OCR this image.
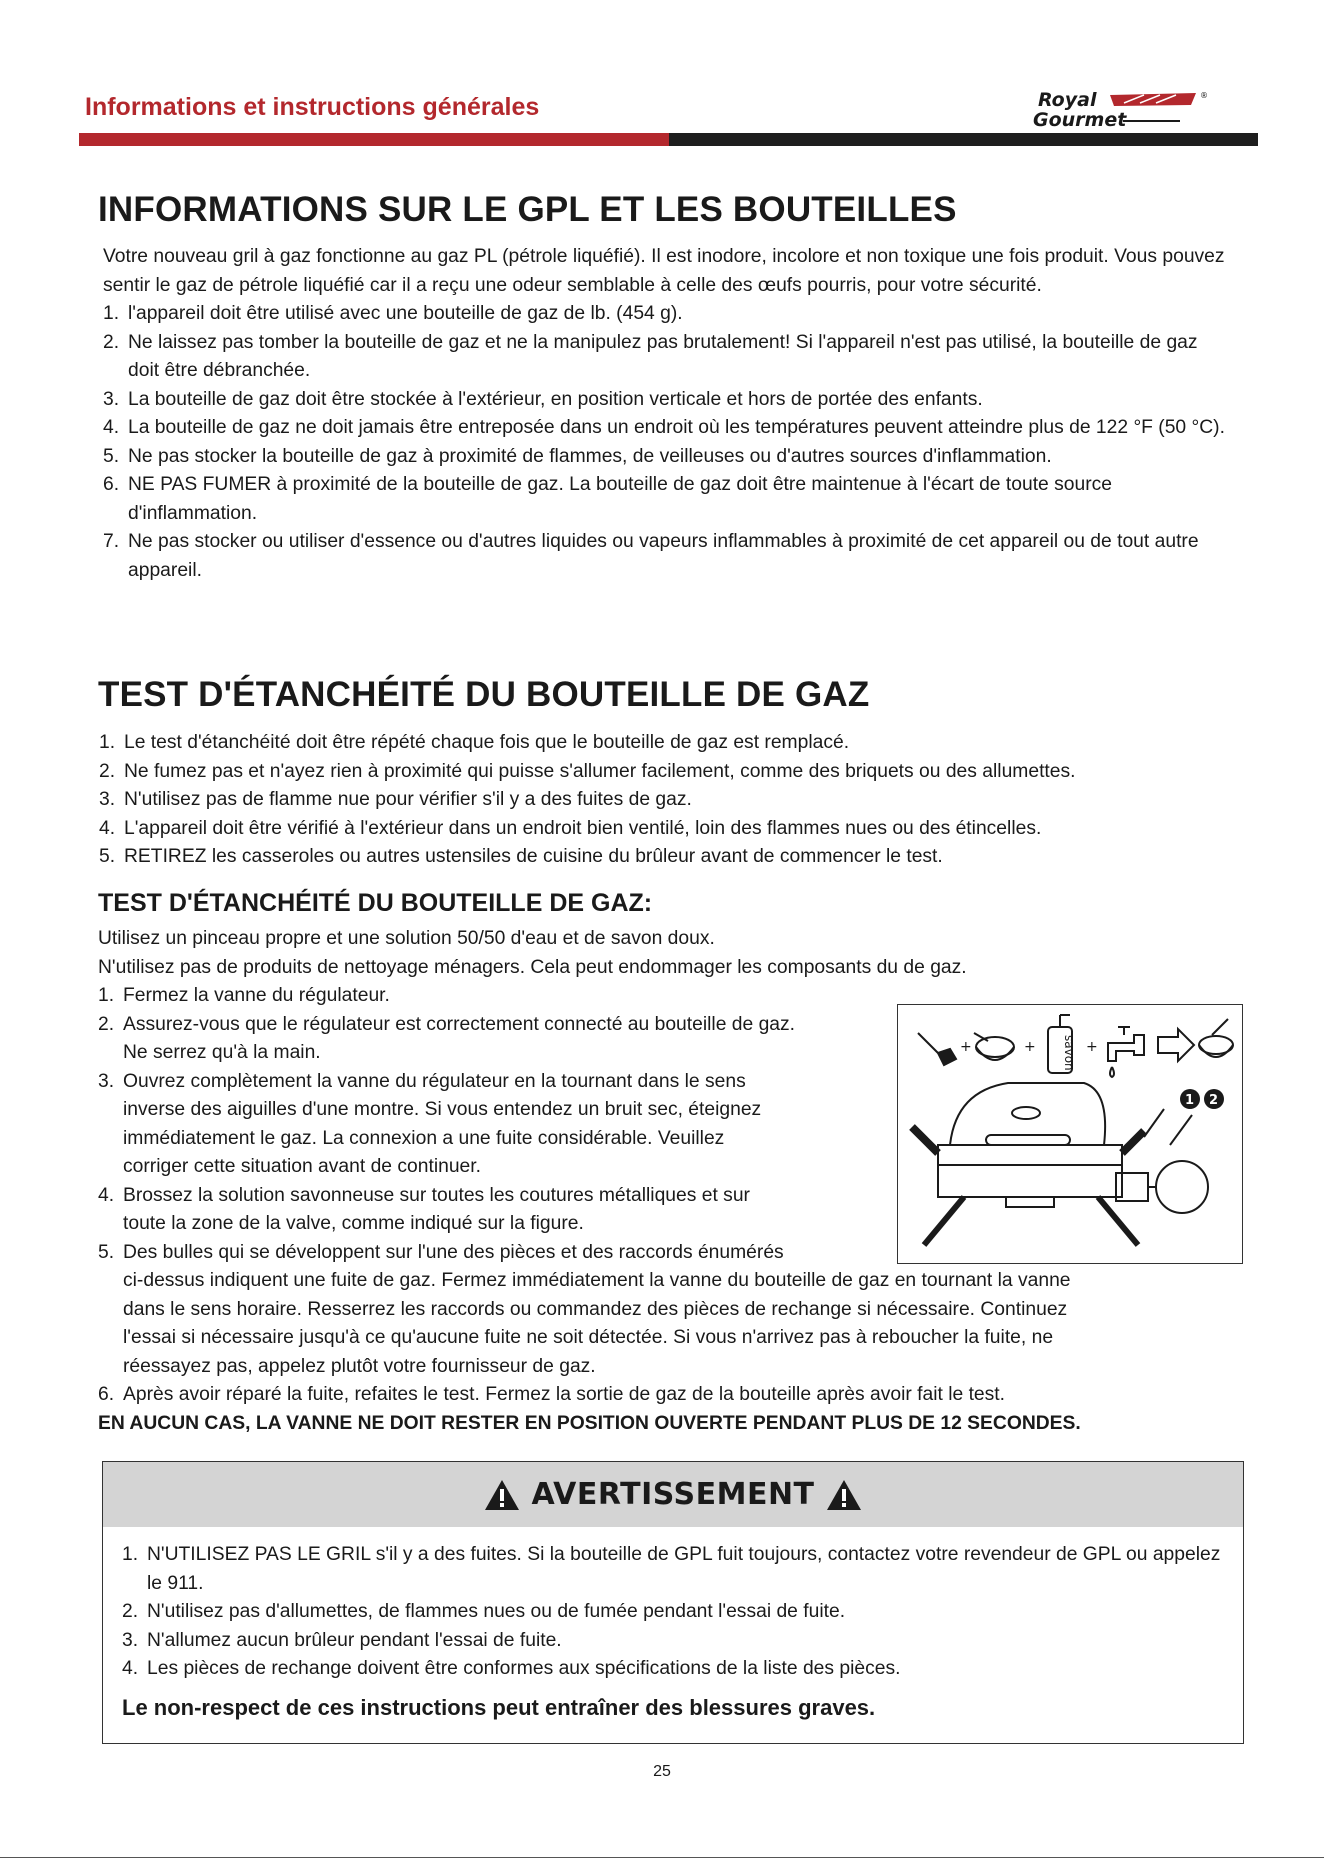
Informations et instructions générales	Royal
Gourmet
®
INFORMATIONS SUR LE GPL ET LES BOUTEILLES

Votre nouveau gril à gaz fonctionne au gaz PL (pétrole liquéfié). Il est inodore, incolore et non toxique une fois produit. Vous pouvez sentir le gaz de pétrole liquéfié car il a reçu une odeur semblable à celle des œufs pourris, pour votre sécurité.

1. l'appareil doit être utilisé avec une bouteille de gaz de lb. (454 g).
2. Ne laissez pas tomber la bouteille de gaz et ne la manipulez pas brutalement! Si l'appareil n'est pas utilisé, la bouteille de gaz doit être débranchée.
3. La bouteille de gaz doit être stockée à l'extérieur, en position verticale et hors de portée des enfants.
4. La bouteille de gaz ne doit jamais être entreposée dans un endroit où les températures peuvent atteindre plus de 122 °F (50 °C).
5. Ne pas stocker la bouteille de gaz à proximité de flammes, de veilleuses ou d'autres sources d'inflammation.
6. NE PAS FUMER à proximité de la bouteille de gaz. La bouteille de gaz doit être maintenue à l'écart de toute source d'inflammation.
7. Ne pas stocker ou utiliser d'essence ou d'autres liquides ou vapeurs inflammables à proximité de cet appareil ou de tout autre appareil.
TEST D'ÉTANCHÉITÉ DU BOUTEILLE DE GAZ
1. Le test d'étanchéité doit être répété chaque fois que le bouteille de gaz est remplacé.
2. Ne fumez pas et n'ayez rien à proximité qui puisse s'allumer facilement, comme des briquets ou des allumettes.
3. N'utilisez pas de flamme nue pour vérifier s'il y a des fuites de gaz.
4. L'appareil doit être vérifié à l'extérieur dans un endroit bien ventilé, loin des flammes nues ou des étincelles.
5. RETIREZ les casseroles ou autres ustensiles de cuisine du brûleur avant de commencer le test.
TEST D'ÉTANCHÉITÉ DU BOUTEILLE DE GAZ:

Utilisez un pinceau propre et une solution 50/50 d'eau et de savon doux.

N'utilisez pas de produits de nettoyage ménagers. Cela peut endommager les composants du de gaz.

1. Fermez la vanne du régulateur.
2. Assurez-vous que le régulateur est correctement connecté au bouteille de gaz.
Ne serrez qu'à la main.
3. Ouvrez complètement la vanne du régulateur en la tournant dans le sens
inverse des aiguilles d'une montre. Si vous entendez un bruit sec, éteignez
immédiatement le gaz. La connexion a une fuite considérable. Veuillez
corriger cette situation avant de continuer.
4. Brossez la solution savonneuse sur toutes les coutures métalliques et sur
toute la zone de la valve, comme indiqué sur la figure.
5. Des bulles qui se développent sur l'une des pièces et des raccords énumérés
ci-dessus indiquent une fuite de gaz. Fermez immédiatement la vanne du bouteille de gaz en tournant la vanne
dans le sens horaire. Resserrez les raccords ou commandez des pièces de rechange si nécessaire. Continuez
l'essai si nécessaire jusqu'à ce qu'aucune fuite ne soit détectée. Si vous n'arrivez pas à reboucher la fuite, ne
réessayez pas, appelez plutôt votre fournisseur de gaz.
6. Après avoir réparé la fuite, refaites le test. Fermez la sortie de gaz de la bouteille après avoir fait le test.

EN AUCUN CAS, LA VANNE NE DOIT RESTER EN POSITION OUVERTE PENDANT PLUS DE 12 SECONDES.

+	+	+
savon
1 2
AVERTISSEMENT
1. N'UTILISEZ PAS LE GRIL s'il y a des fuites. Si la bouteille de GPL fuit toujours, contactez votre revendeur de GPL ou appelez le 911.
2. N'utilisez pas d'allumettes, de flammes nues ou de fumée pendant l'essai de fuite.
3. N'allumez aucun brûleur pendant l'essai de fuite.
4. Les pièces de rechange doivent être conformes aux spécifications de la liste des pièces.
Le non-respect de ces instructions peut entraîner des blessures graves.
25
